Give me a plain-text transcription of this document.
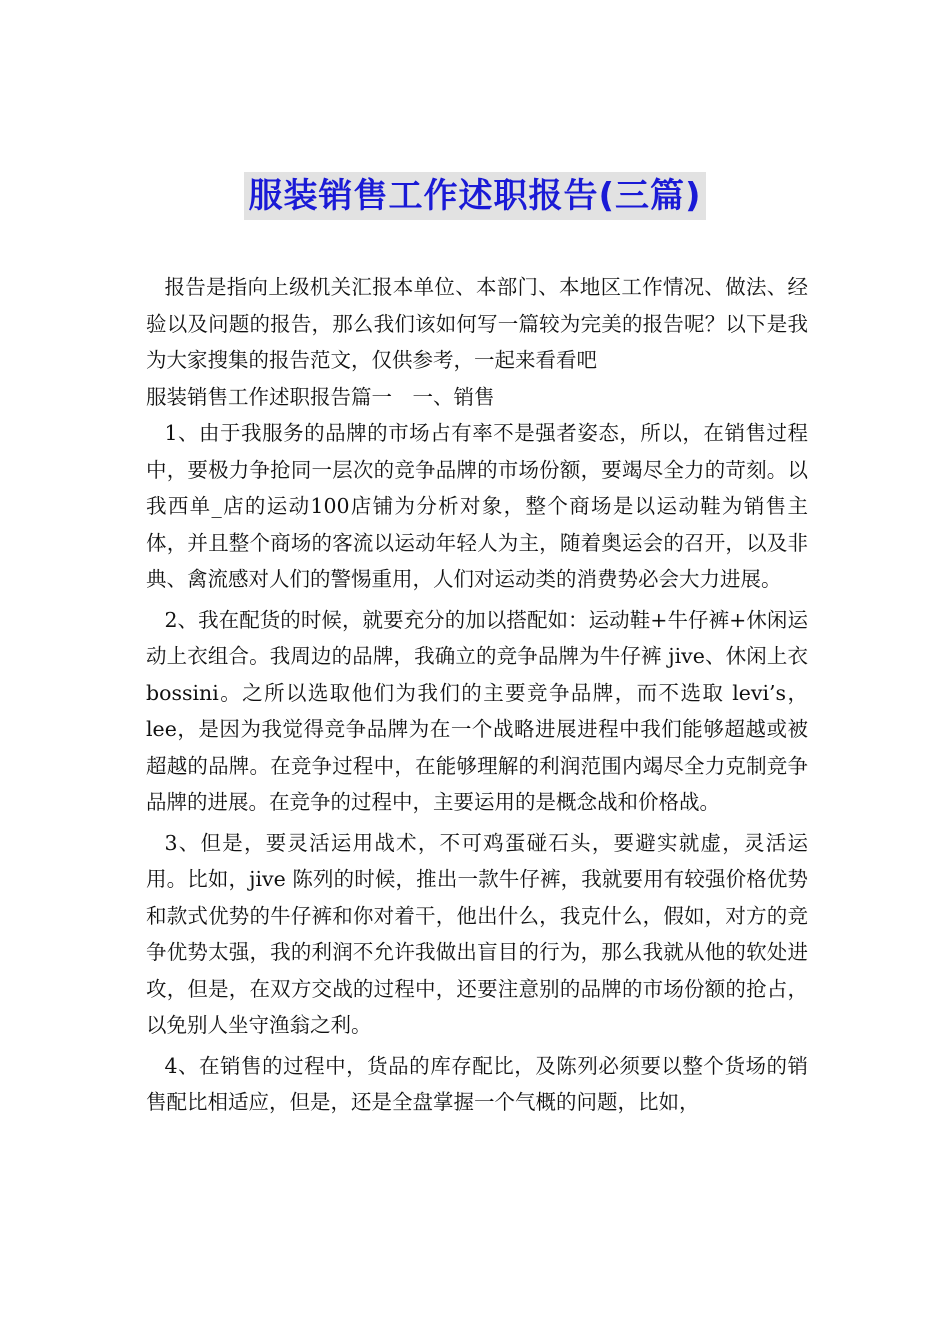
服装销售工作述职报告(三篇)

报告是指向上级机关汇报本单位、本部门、本地区工作情况、做法、经验以及问题的报告，那么我们该如何写一篇较为完美的报告呢？以下是我为大家搜集的报告范文，仅供参考，一起来看看吧

服装销售工作述职报告篇一　一、销售

1、由于我服务的品牌的市场占有率不是强者姿态，所以，在销售过程中，要极力争抢同一层次的竞争品牌的市场份额，要竭尽全力的苛刻。以我西单_店的运动100店铺为分析对象，整个商场是以运动鞋为销售主体，并且整个商场的客流以运动年轻人为主，随着奥运会的召开，以及非典、禽流感对人们的警惕重用，人们对运动类的消费势必会大力进展。

2、我在配货的时候，就要充分的加以搭配如：运动鞋+牛仔裤+休闲运动上衣组合。我周边的品牌，我确立的竞争品牌为牛仔裤 jive、休闲上衣 bossini。之所以选取他们为我们的主要竞争品牌，而不选取 levi’s，lee，是因为我觉得竞争品牌为在一个战略进展进程中我们能够超越或被超越的品牌。在竞争过程中，在能够理解的利润范围内竭尽全力克制竞争品牌的进展。在竞争的过程中，主要运用的是概念战和价格战。

3、但是，要灵活运用战术，不可鸡蛋碰石头，要避实就虚，灵活运用。比如，jive 陈列的时候，推出一款牛仔裤，我就要用有较强价格优势和款式优势的牛仔裤和你对着干，他出什么，我克什么，假如，对方的竞争优势太强，我的利润不允许我做出盲目的行为，那么我就从他的软处进攻，但是，在双方交战的过程中，还要注意别的品牌的市场份额的抢占，以免别人坐守渔翁之利。

4、在销售的过程中，货品的库存配比，及陈列必须要以整个货场的销售配比相适应，但是，还是全盘掌握一个气概的问题，比如，
